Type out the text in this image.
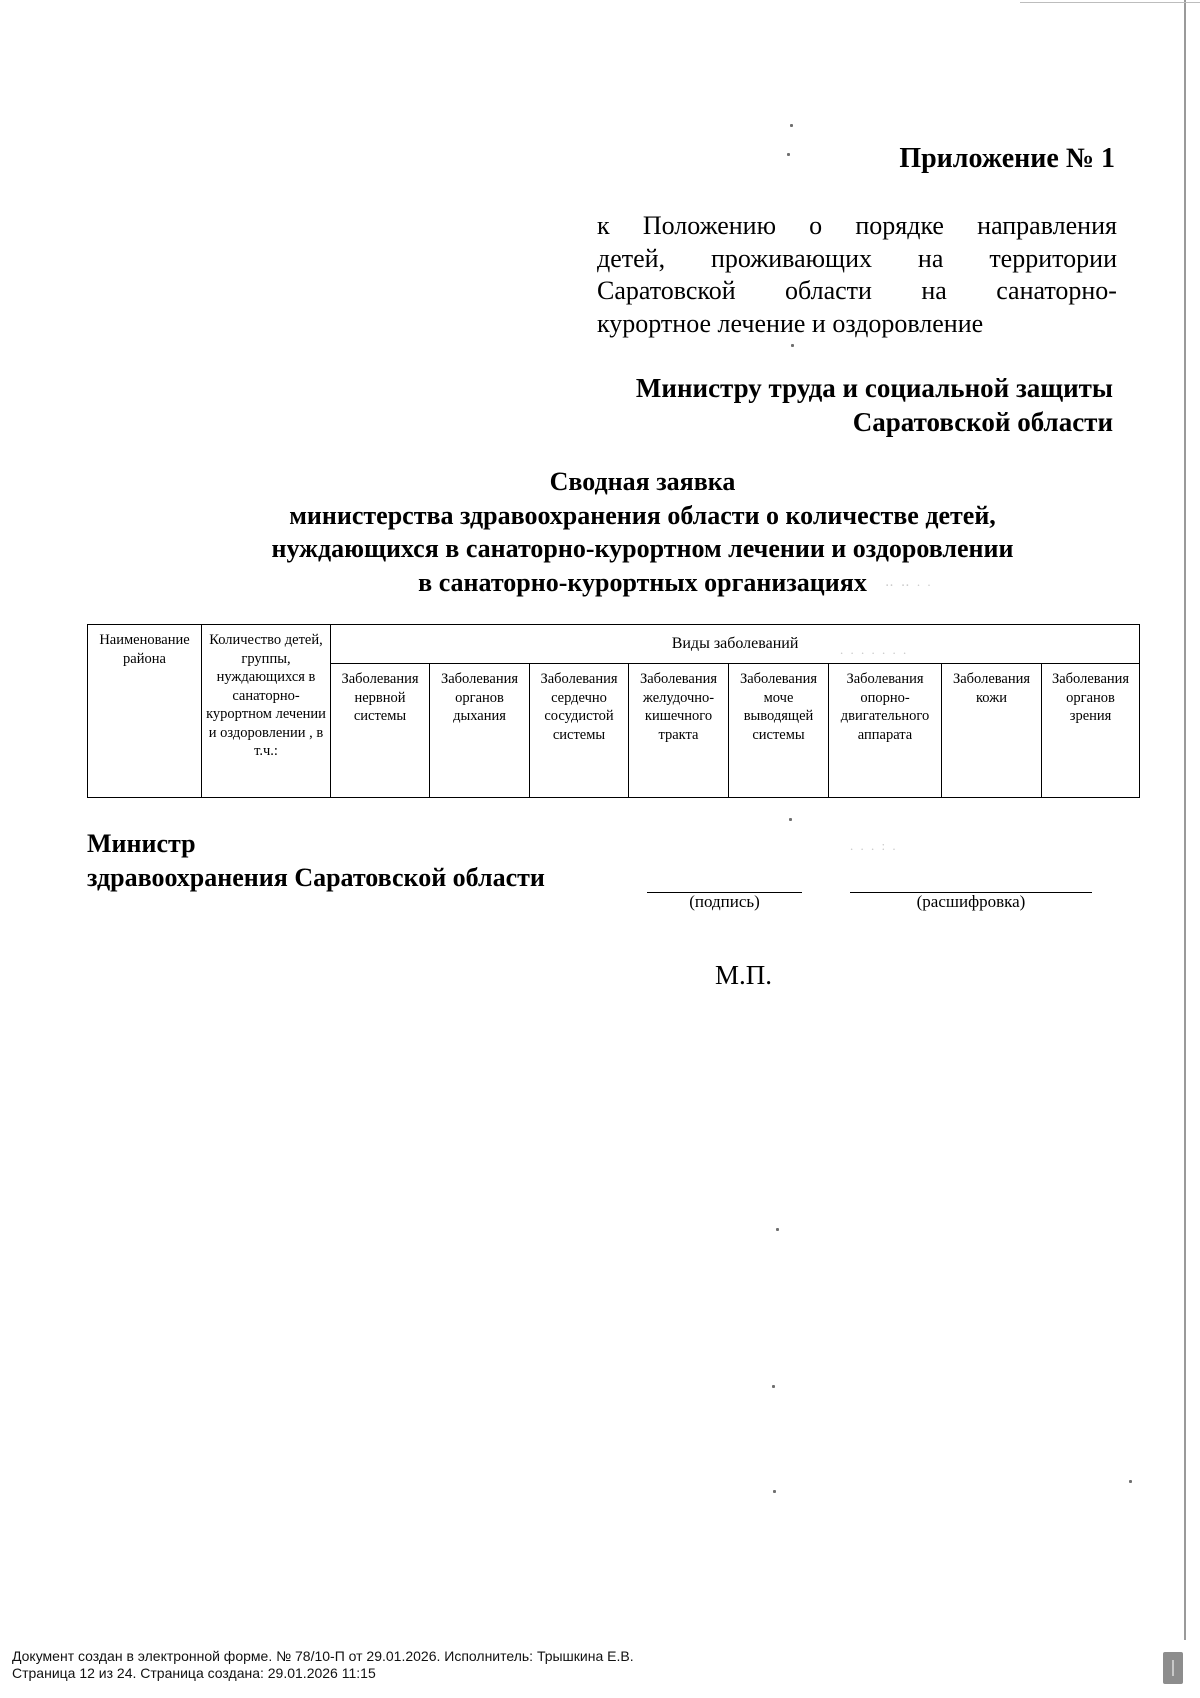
‥ ‥ . .
. . . . . . .
. . . : .
Приложение № 1
к Положению о порядке направления
детей, проживающих на территории
Саратовской области на санаторно-
курортное лечение и оздоровление
Министру труда и социальной защиты
Саратовской области
Сводная заявка
министерства здравоохранения области о количестве детей,
нуждающихся в санаторно-курортном лечении и оздоровлении
в санаторно-курортных организациях
Наименование района	Количество детей, группы, нуждающихся в санаторно-курортном лечении и оздоровлении , в т.ч.:	Виды заболеваний							
		Заболевания нервной системы	Заболевания органов дыхания	Заболевания сердечно сосудистой системы	Заболевания желудочно-кишечного тракта	Заболевания моче выводящей системы	Заболевания опорно-двигательного аппарата	Заболевания кожи	Заболевания органов зрения
Министр
здравоохранения Саратовской области
(подпись)	(расшифровка)
М.П.
Документ создан в электронной форме. № 78/10-П от 29.01.2026. Исполнитель: Трышкина Е.В.
Страница 12 из 24. Страница создана: 29.01.2026 11:15
